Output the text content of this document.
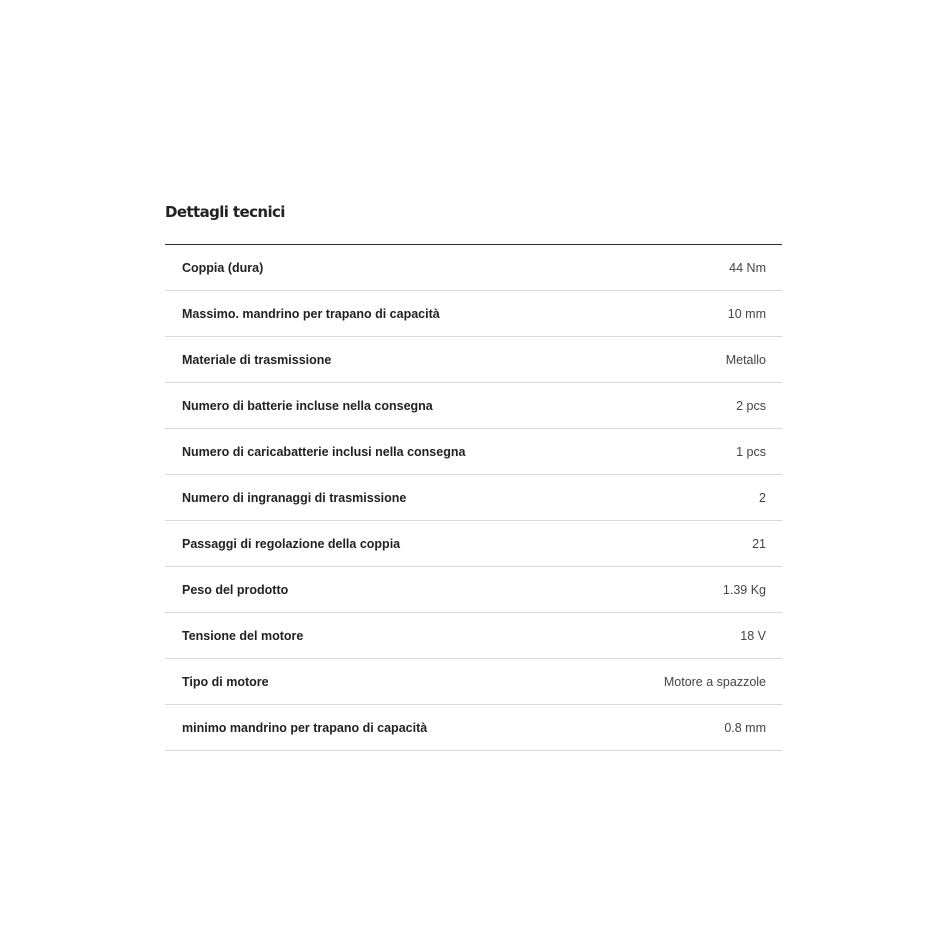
Dettagli tecnici
Coppia (dura)	44 Nm
Massimo. mandrino per trapano di capacità	10 mm
Materiale di trasmissione	Metallo
Numero di batterie incluse nella consegna	2 pcs
Numero di caricabatterie inclusi nella consegna	1 pcs
Numero di ingranaggi di trasmissione	2
Passaggi di regolazione della coppia	21
Peso del prodotto	1.39 Kg
Tensione del motore	18 V
Tipo di motore	Motore a spazzole
minimo mandrino per trapano di capacità	0.8 mm
